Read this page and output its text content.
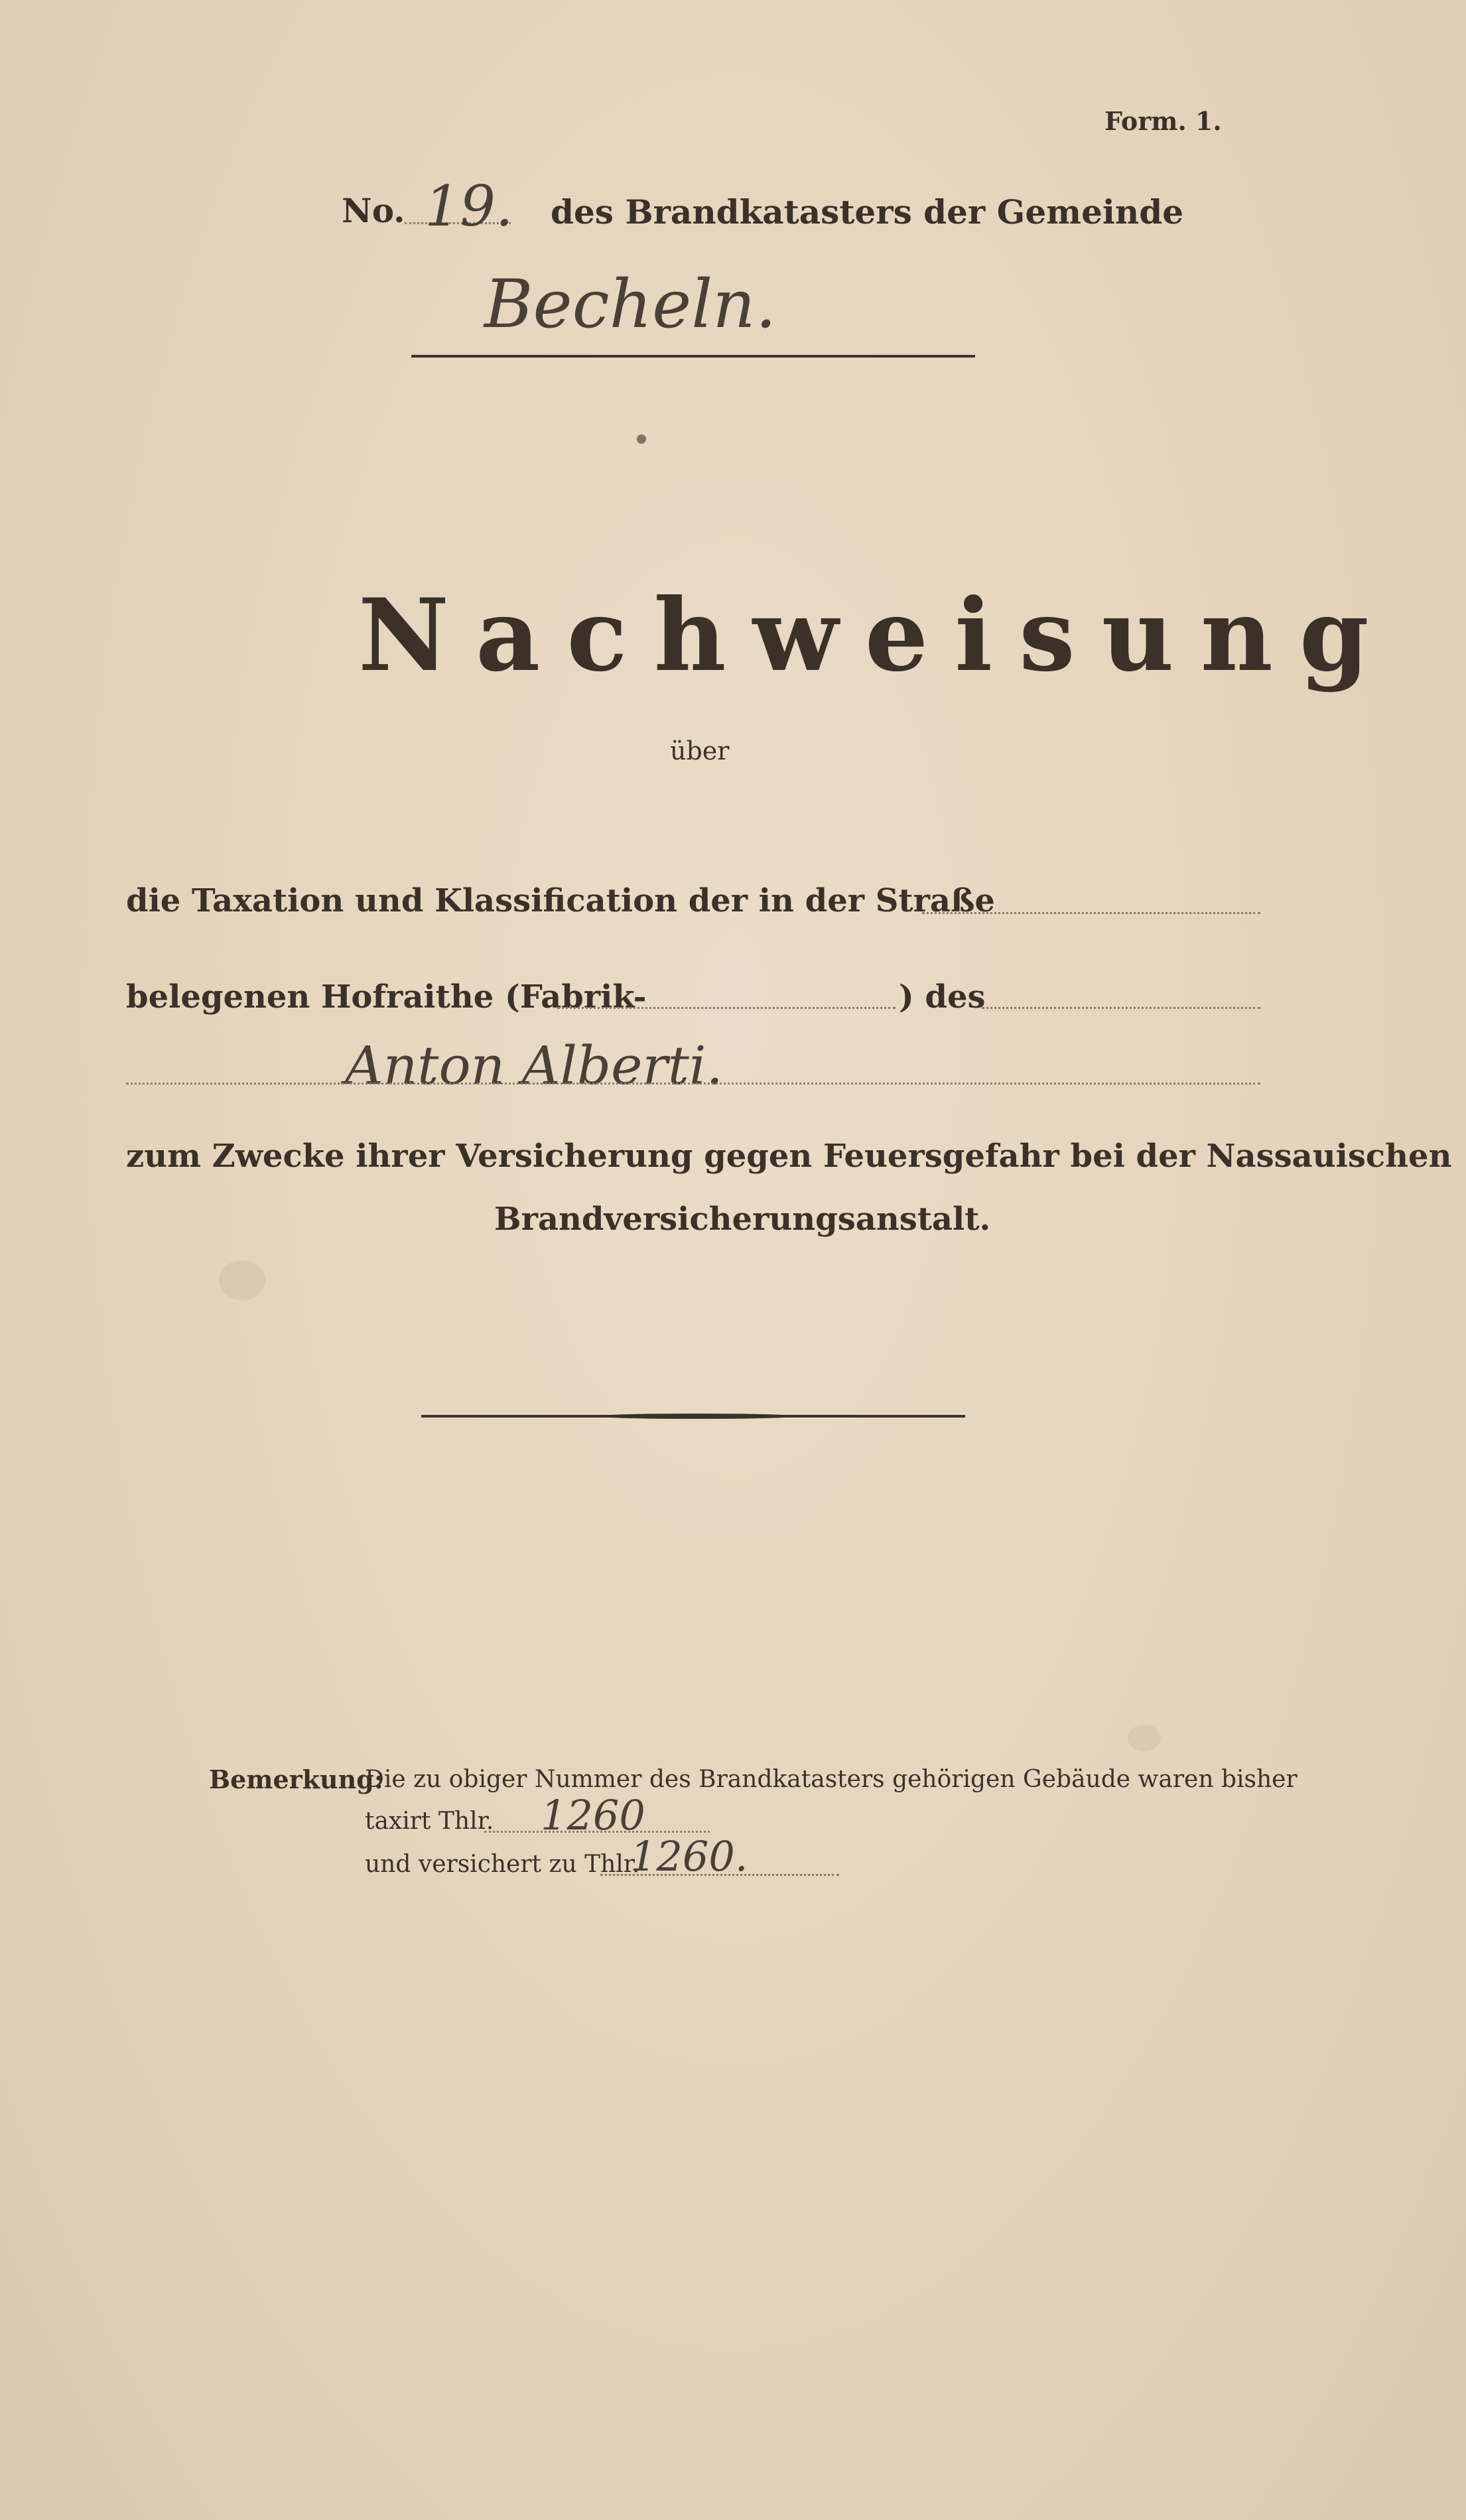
Form. 1.
No. 19. des Brandkatasters der Gemeinde
Becheln.
Nachweisung
über
die Taxation und Klassification der in der Straße
belegenen Hofraithe (Fabrik-	) des
Anton Alberti.
zum Zwecke ihrer Versicherung gegen Feuersgefahr bei der Nassauischen
Brandversicherungsanstalt.
Bemerkung:
Die zu obiger Nummer des Brandkatasters gehörigen Gebäude waren bisher
taxirt Thlr. 1260
und versichert zu Thlr.
1260.
